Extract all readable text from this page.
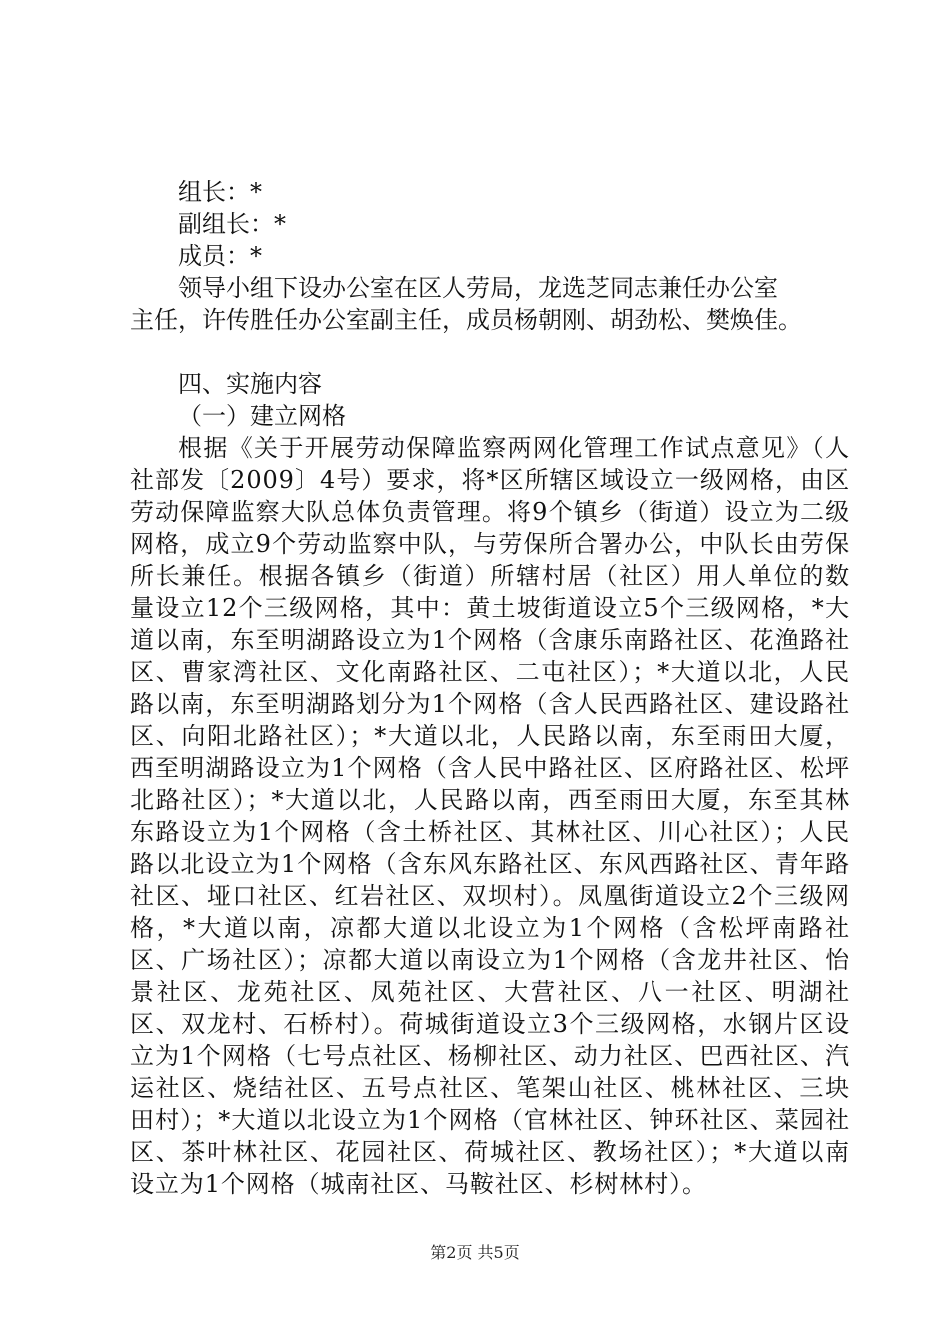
组长：*
副组长：*
成员：*
领导小组下设办公室在区人劳局，龙选芝同志兼任办公室
主任，许传胜任办公室副主任，成员杨朝刚、胡劲松、樊焕佳。
四、实施内容
（一）建立网格
根据《关于开展劳动保障监察两网化管理工作试点意见》（人社部发〔2009〕4号）要求，将*区所辖区域设立一级网格，由区劳动保障监察大队总体负责管理。将9个镇乡（街道）设立为二级网格，成立9个劳动监察中队，与劳保所合署办公，中队长由劳保所长兼任。根据各镇乡（街道）所辖村居（社区）用人单位的数量设立12个三级网格，其中：黄土坡街道设立5个三级网格，*大道以南，东至明湖路设立为1个网格（含康乐南路社区、花渔路社区、曹家湾社区、文化南路社区、二屯社区）；*大道以北，人民路以南，东至明湖路划分为1个网格（含人民西路社区、建设路社区、向阳北路社区）；*大道以北，人民路以南，东至雨田大厦，西至明湖路设立为1个网格（含人民中路社区、区府路社区、松坪北路社区）；*大道以北，人民路以南，西至雨田大厦，东至其林东路设立为1个网格（含土桥社区、其林社区、川心社区）；人民路以北设立为1个网格（含东风东路社区、东风西路社区、青年路社区、垭口社区、红岩社区、双坝村）。凤凰街道设立2个三级网格，*大道以南，凉都大道以北设立为1个网格（含松坪南路社区、广场社区）；凉都大道以南设立为1个网格（含龙井社区、怡景社区、龙苑社区、凤苑社区、大营社区、八一社区、明湖社区、双龙村、石桥村）。荷城街道设立3个三级网格，水钢片区设立为1个网格（七号点社区、杨柳社区、动力社区、巴西社区、汽运社区、烧结社区、五号点社区、笔架山社区、桃林社区、三块田村）；*大道以北设立为1个网格（官林社区、钟环社区、菜园社区、茶叶林社区、花园社区、荷城社区、教场社区）；*大道以南设立为1个网格（城南社区、马鞍社区、杉树林村）。
第2页 共5页
